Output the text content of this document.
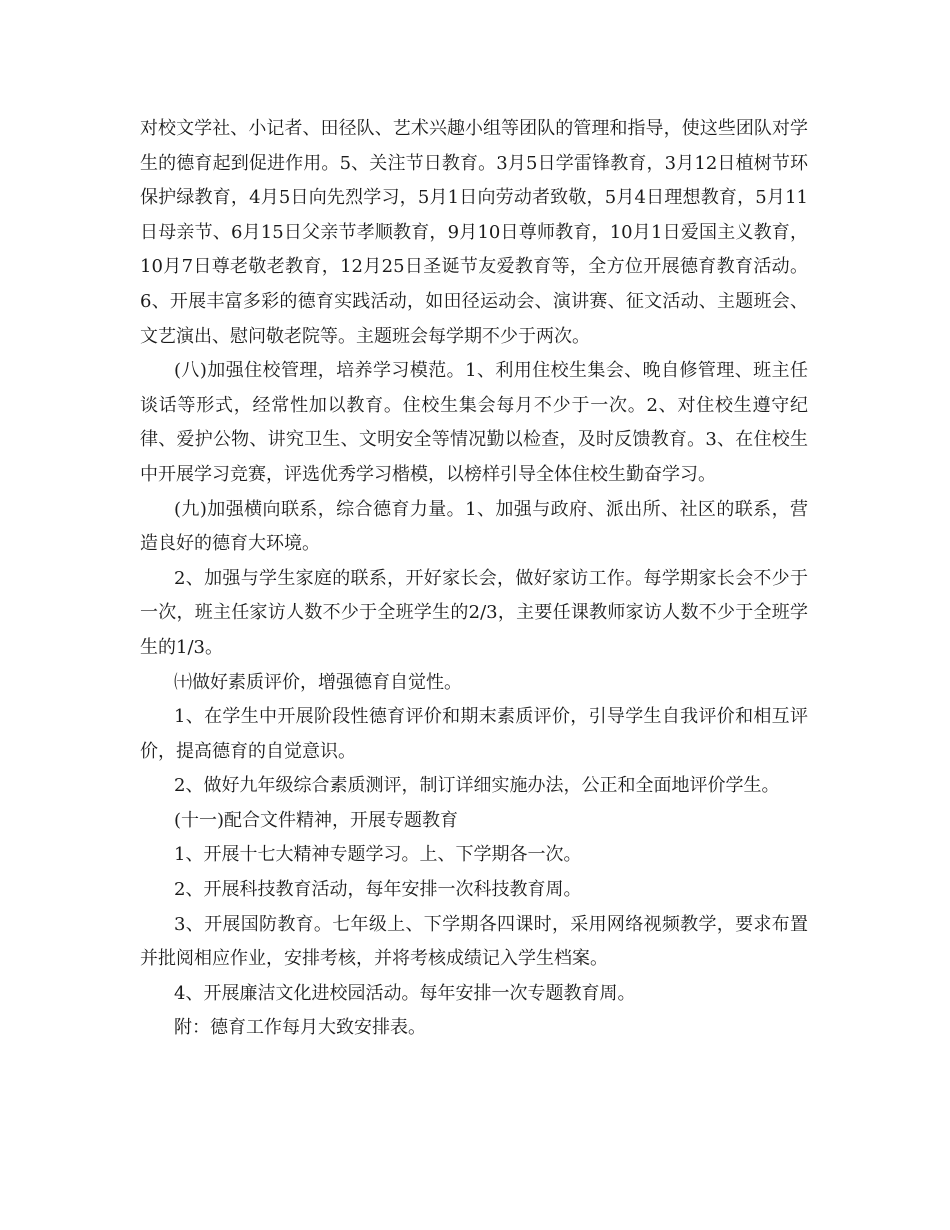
对校文学社、小记者、田径队、艺术兴趣小组等团队的管理和指导，使这些团队对学生的德育起到促进作用。5、关注节日教育。3月5日学雷锋教育，3月12日植树节环保护绿教育，4月5日向先烈学习，5月1日向劳动者致敬，5月4日理想教育，5月11日母亲节、6月15日父亲节孝顺教育，9月10日尊师教育，10月1日爱国主义教育，10月7日尊老敬老教育，12月25日圣诞节友爱教育等，全方位开展德育教育活动。6、开展丰富多彩的德育实践活动，如田径运动会、演讲赛、征文活动、主题班会、文艺演出、慰问敬老院等。主题班会每学期不少于两次。

(八)加强住校管理，培养学习模范。1、利用住校生集会、晚自修管理、班主任谈话等形式，经常性加以教育。住校生集会每月不少于一次。2、对住校生遵守纪律、爱护公物、讲究卫生、文明安全等情况勤以检查，及时反馈教育。3、在住校生中开展学习竞赛，评选优秀学习楷模，以榜样引导全体住校生勤奋学习。

(九)加强横向联系，综合德育力量。1、加强与政府、派出所、社区的联系，营造良好的德育大环境。

2、加强与学生家庭的联系，开好家长会，做好家访工作。每学期家长会不少于一次，班主任家访人数不少于全班学生的2/3，主要任课教师家访人数不少于全班学生的1/3。

㈩做好素质评价，增强德育自觉性。

1、在学生中开展阶段性德育评价和期末素质评价，引导学生自我评价和相互评价，提高德育的自觉意识。

2、做好九年级综合素质测评，制订详细实施办法，公正和全面地评价学生。

(十一)配合文件精神，开展专题教育

1、开展十七大精神专题学习。上、下学期各一次。

2、开展科技教育活动，每年安排一次科技教育周。

3、开展国防教育。七年级上、下学期各四课时，采用网络视频教学，要求布置并批阅相应作业，安排考核，并将考核成绩记入学生档案。

4、开展廉洁文化进校园活动。每年安排一次专题教育周。

附：德育工作每月大致安排表。
